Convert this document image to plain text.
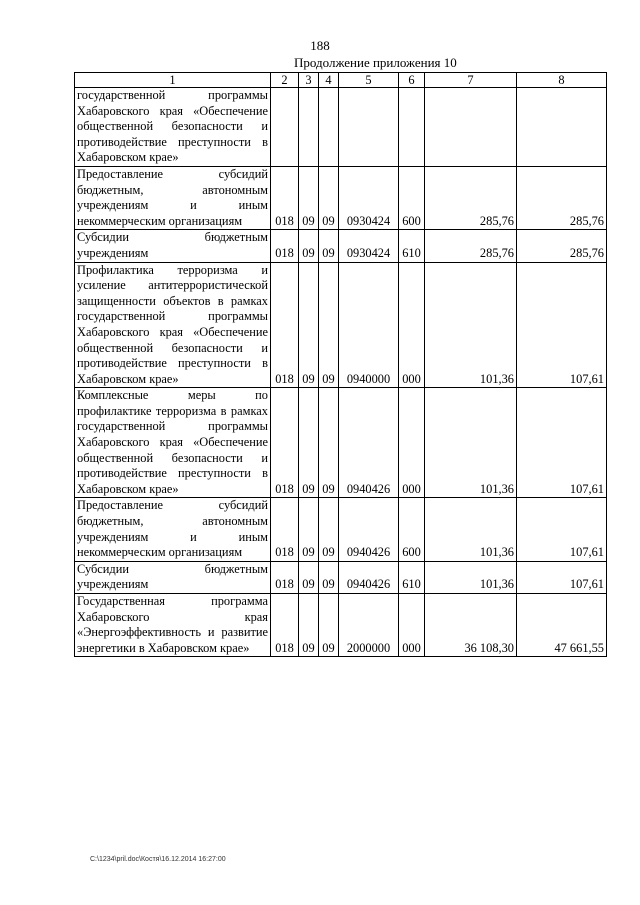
188
Продолжение приложения 10
1	2	3	4	5	6	7	8
государственной программы Хабаровского края «Обеспечение общественной безопасности и противодействие преступности в Хабаровском крае»							
Предоставление субсидий бюджетным, автономным учреждениям и иным некоммерческим организациям	018	09	09	0930424	600	285,76	285,76
Субсидии бюджетным учреждениям	018	09	09	0930424	610	285,76	285,76
Профилактика терроризма и усиление антитеррористической защищенности объектов в рамках государственной программы Хабаровского края «Обеспечение общественной безопасности и противодействие преступности в Хабаровском крае»	018	09	09	0940000	000	101,36	107,61
Комплексные меры по профилактике терроризма в рамках государственной программы Хабаровского края «Обеспечение общественной безопасности и противодействие преступности в Хабаровском крае»	018	09	09	0940426	000	101,36	107,61
Предоставление субсидий бюджетным, автономным учреждениям и иным некоммерческим организациям	018	09	09	0940426	600	101,36	107,61
Субсидии бюджетным учреждениям	018	09	09	0940426	610	101,36	107,61
Государственная программа Хабаровского края «Энергоэффективность и развитие энергетики в Хабаровском крае»	018	09	09	2000000	000	36 108,30	47 661,55
C:\1234\pril.doc\Костя\16.12.2014 16:27:00
